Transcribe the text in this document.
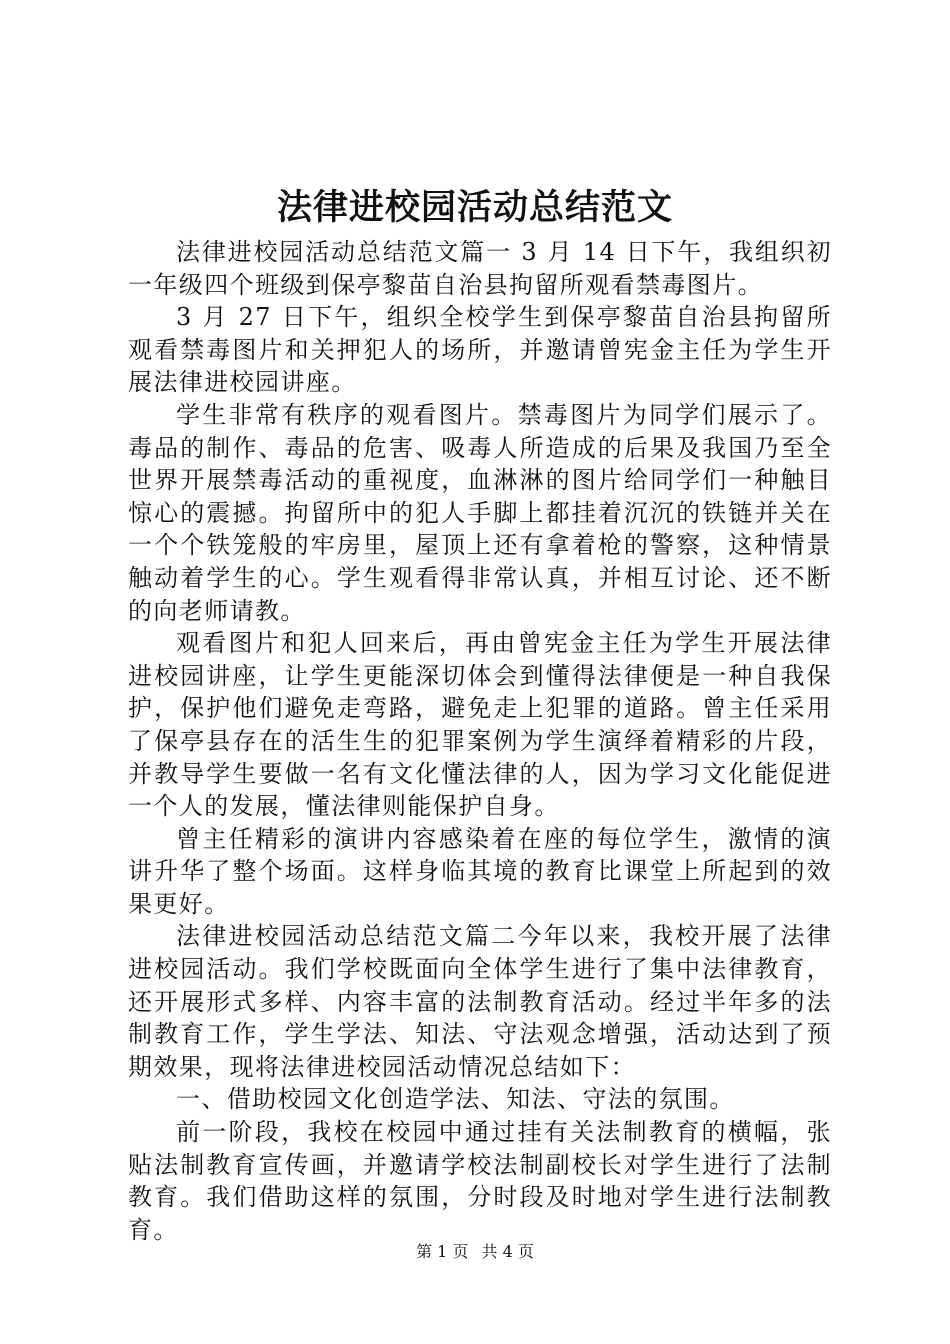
法律进校园活动总结范文

法律进校园活动总结范文篇一 3 月 14 日下午，我组织初一年级四个班级到保亭黎苗自治县拘留所观看禁毒图片。

3 月 27 日下午，组织全校学生到保亭黎苗自治县拘留所观看禁毒图片和关押犯人的场所，并邀请曾宪金主任为学生开展法律进校园讲座。

学生非常有秩序的观看图片。禁毒图片为同学们展示了。毒品的制作、毒品的危害、吸毒人所造成的后果及我国乃至全世界开展禁毒活动的重视度，血淋淋的图片给同学们一种触目惊心的震撼。拘留所中的犯人手脚上都挂着沉沉的铁链并关在一个个铁笼般的牢房里，屋顶上还有拿着枪的警察，这种情景触动着学生的心。学生观看得非常认真，并相互讨论、还不断的向老师请教。

观看图片和犯人回来后，再由曾宪金主任为学生开展法律进校园讲座，让学生更能深切体会到懂得法律便是一种自我保护，保护他们避免走弯路，避免走上犯罪的道路。曾主任采用了保亭县存在的活生生的犯罪案例为学生演绎着精彩的片段，并教导学生要做一名有文化懂法律的人，因为学习文化能促进一个人的发展，懂法律则能保护自身。

曾主任精彩的演讲内容感染着在座的每位学生，激情的演讲升华了整个场面。这样身临其境的教育比课堂上所起到的效果更好。

法律进校园活动总结范文篇二今年以来，我校开展了法律进校园活动。我们学校既面向全体学生进行了集中法律教育，还开展形式多样、内容丰富的法制教育活动。经过半年多的法制教育工作，学生学法、知法、守法观念增强，活动达到了预期效果，现将法律进校园活动情况总结如下：

一、借助校园文化创造学法、知法、守法的氛围。

前一阶段，我校在校园中通过挂有关法制教育的横幅，张贴法制教育宣传画，并邀请学校法制副校长对学生进行了法制教育。我们借助这样的氛围，分时段及时地对学生进行法制教育。

第 1 页 共 4 页
